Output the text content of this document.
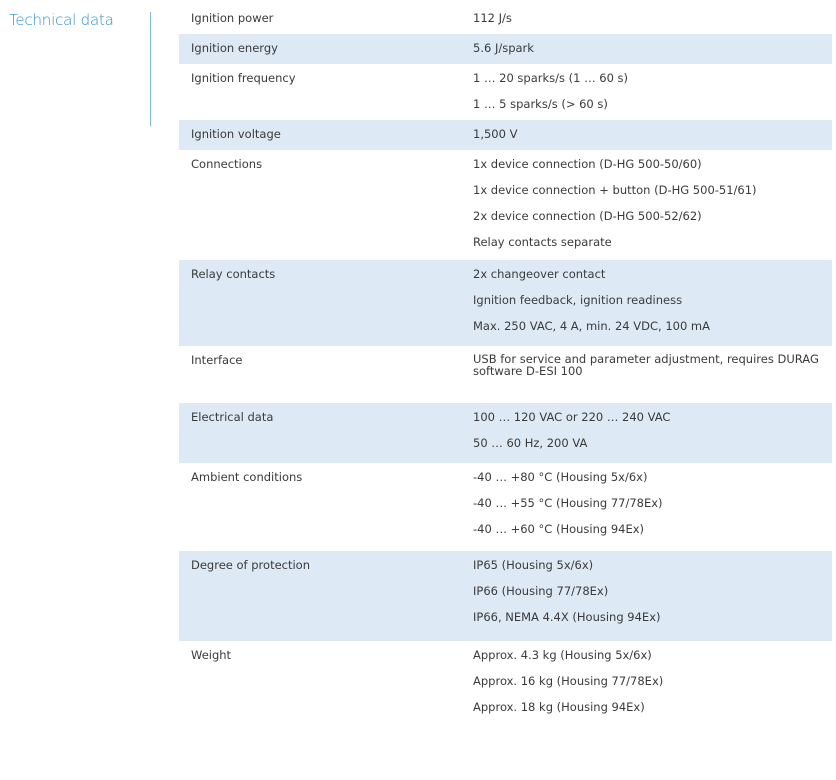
Technical data	Ignition power	112 J/s
Ignition energy	5.6 J/spark
Ignition frequency	1 … 20 sparks/s (1 … 60 s)
1 … 5 sparks/s (> 60 s)
Ignition voltage	1,500 V
Connections	1x device connection (D-HG 500-50/60)
1x device connection + button (D-HG 500-51/61)
2x device connection (D-HG 500-52/62)
Relay contacts separate
Relay contacts	2x changeover contact
Ignition feedback, ignition readiness
Max. 250 VAC, 4 A, min. 24 VDC, 100 mA
Interface	USB for service and parameter adjustment, requires DURAG software D-ESI 100
Electrical data	100 … 120 VAC or 220 … 240 VAC
50 … 60 Hz, 200 VA
Ambient conditions	-40 … +80 °C (Housing 5x/6x)
-40 … +55 °C (Housing 77/78Ex)
-40 … +60 °C (Housing 94Ex)
Degree of protection	IP65 (Housing 5x/6x)
IP66 (Housing 77/78Ex)
IP66, NEMA 4.4X (Housing 94Ex)
Weight	Approx. 4.3 kg (Housing 5x/6x)
Approx. 16 kg (Housing 77/78Ex)
Approx. 18 kg (Housing 94Ex)
